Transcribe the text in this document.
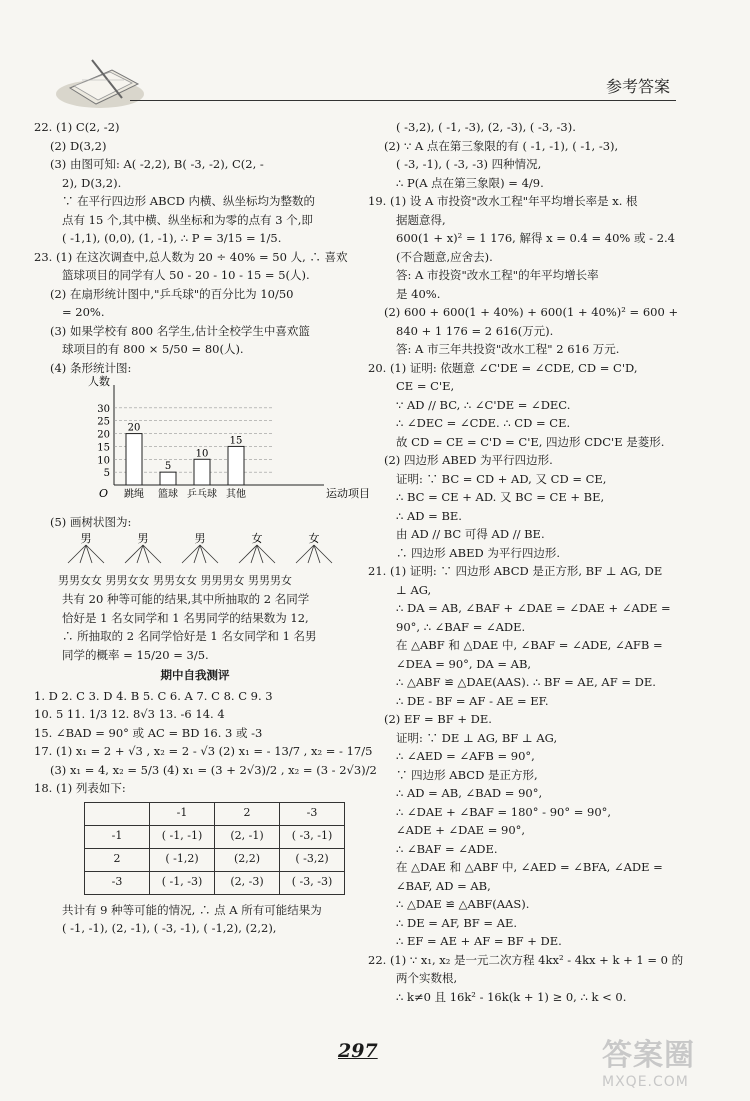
参考答案
22. (1) C(2, -2)
(2) D(3,2)
(3) 由图可知: A( -2,2), B( -3, -2), C(2, -
2), D(3,2).
∵ 在平行四边形 ABCD 内横、纵坐标均为整数的
点有 15 个,其中横、纵坐标和为零的点有 3 个,即
( -1,1), (0,0), (1, -1), ∴ P = 3/15 = 1/5.
23. (1) 在这次调查中,总人数为 20 ÷ 40% = 50 人, ∴ 喜欢
篮球项目的同学有人 50 - 20 - 10 - 15 = 5(人).
(2) 在扇形统计图中,"乒乓球"的百分比为 10/50
= 20%.
(3) 如果学校有 800 名学生,估计全校学生中喜欢篮
球项目的有 800 × 5/50 = 80(人).
(4) 条形统计图:
人数
O	运动项目
5
10
15
20
25
30
20
跳绳
5
篮球
10
乒乓球
15
其他
(5) 画树状图为:
男	男	男	女	女
男男女女 男男女女 男男女女 男男男女 男男男女
共有 20 种等可能的结果,其中所抽取的 2 名同学
恰好是 1 名女同学和 1 名男同学的结果数为 12,
∴ 所抽取的 2 名同学恰好是 1 名女同学和 1 名男
同学的概率 = 15/20 = 3/5.
期中自我测评
1. D 2. C 3. D 4. B 5. C 6. A 7. C 8. C 9. 3
10. 5 11. 1/3 12. 8√3 13. -6 14. 4
15. ∠BAD = 90° 或 AC = BD 16. 3 或 -3
17. (1) x₁ = 2 + √3 , x₂ = 2 - √3 (2) x₁ = - 13/7 , x₂ = - 17/5
(3) x₁ = 4, x₂ = 5/3 (4) x₁ = (3 + 2√3)/2 , x₂ = (3 - 2√3)/2
18. (1) 列表如下:
	-1	2	-3
-1	( -1, -1)	(2, -1)	( -3, -1)
2	( -1,2)	(2,2)	( -3,2)
-3	( -1, -3)	(2, -3)	( -3, -3)
共计有 9 种等可能的情况, ∴ 点 A 所有可能结果为
( -1, -1), (2, -1), ( -3, -1), ( -1,2), (2,2),
( -3,2), ( -1, -3), (2, -3), ( -3, -3).
(2) ∵ A 点在第三象限的有 ( -1, -1), ( -1, -3),
( -3, -1), ( -3, -3) 四种情况,
∴ P(A 点在第三象限) = 4/9.
19. (1) 设 A 市投资"改水工程"年平均增长率是 x. 根
据题意得,
600(1 + x)² = 1 176, 解得 x = 0.4 = 40% 或 - 2.4
(不合题意,应舍去).
答: A 市投资"改水工程"的年平均增长率
是 40%.
(2) 600 + 600(1 + 40%) + 600(1 + 40%)² = 600 +
840 + 1 176 = 2 616(万元).
答: A 市三年共投资"改水工程" 2 616 万元.
20. (1) 证明: 依题意 ∠C'DE = ∠CDE, CD = C'D,
CE = C'E,
∵ AD // BC, ∴ ∠C'DE = ∠DEC.
∴ ∠DEC = ∠CDE. ∴ CD = CE.
故 CD = CE = C'D = C'E, 四边形 CDC'E 是菱形.
(2) 四边形 ABED 为平行四边形.
证明: ∵ BC = CD + AD, 又 CD = CE,
∴ BC = CE + AD. 又 BC = CE + BE,
∴ AD = BE.
由 AD // BC 可得 AD // BE.
∴ 四边形 ABED 为平行四边形.
21. (1) 证明: ∵ 四边形 ABCD 是正方形, BF ⊥ AG, DE
⊥ AG,
∴ DA = AB, ∠BAF + ∠DAE = ∠DAE + ∠ADE =
90°, ∴ ∠BAF = ∠ADE.
在 △ABF 和 △DAE 中, ∠BAF = ∠ADE, ∠AFB =
∠DEA = 90°, DA = AB,
∴ △ABF ≌ △DAE(AAS). ∴ BF = AE, AF = DE.
∴ DE - BF = AF - AE = EF.
(2) EF = BF + DE.
证明: ∵ DE ⊥ AG, BF ⊥ AG,
∴ ∠AED = ∠AFB = 90°,
∵ 四边形 ABCD 是正方形,
∴ AD = AB, ∠BAD = 90°,
∴ ∠DAE + ∠BAF = 180° - 90° = 90°,
∠ADE + ∠DAE = 90°,
∴ ∠BAF = ∠ADE.
在 △DAE 和 △ABF 中, ∠AED = ∠BFA, ∠ADE =
∠BAF, AD = AB,
∴ △DAE ≌ △ABF(AAS).
∴ DE = AF, BF = AE.
∴ EF = AE + AF = BF + DE.
22. (1) ∵ x₁, x₂ 是一元二次方程 4kx² - 4kx + k + 1 = 0 的
两个实数根,
∴ k≠0 且 16k² - 16k(k + 1) ≥ 0, ∴ k < 0.
297	答案圈
MXQE.COM
